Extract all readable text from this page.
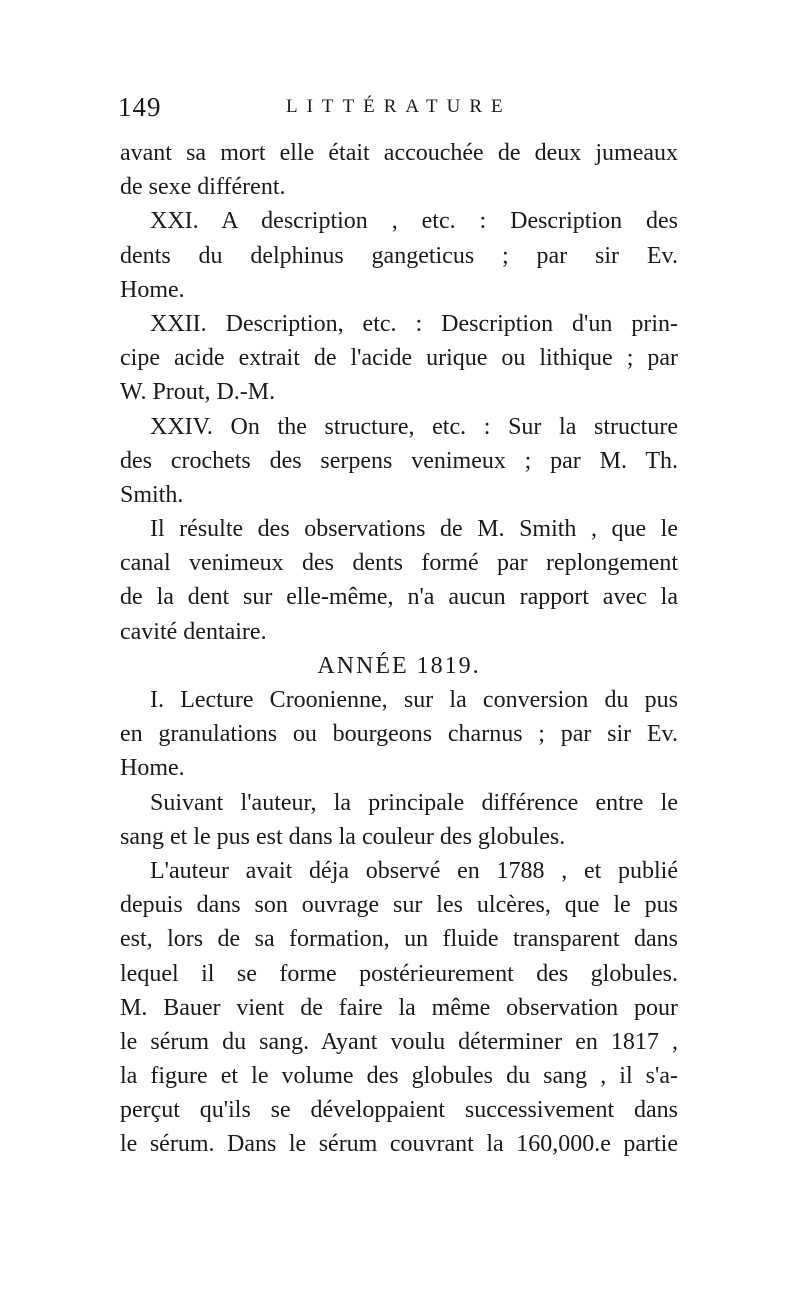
149	LITTÉRATURE
avant sa mort elle était accouchée de deux jumeaux
de sexe différent.
XXI. A description , etc. : Description des
dents du delphinus gangeticus ; par sir Ev.
Home.
XXII. Description, etc. : Description d'un prin-
cipe acide extrait de l'acide urique ou lithique ; par
W. Prout, D.-M.
XXIV. On the structure, etc. : Sur la structure
des crochets des serpens venimeux ; par M. Th.
Smith.
Il résulte des observations de M. Smith , que le
canal venimeux des dents formé par replongement
de la dent sur elle-même, n'a aucun rapport avec la
cavité dentaire.
ANNÉE 1819.
I. Lecture Croonienne, sur la conversion du pus
en granulations ou bourgeons charnus ; par sir Ev.
Home.
Suivant l'auteur, la principale différence entre le
sang et le pus est dans la couleur des globules.
L'auteur avait déja observé en 1788 , et publié
depuis dans son ouvrage sur les ulcères, que le pus
est, lors de sa formation, un fluide transparent dans
lequel il se forme postérieurement des globules.
M. Bauer vient de faire la même observation pour
le sérum du sang. Ayant voulu déterminer en 1817 ,
la figure et le volume des globules du sang , il s'a-
perçut qu'ils se développaient successivement dans
le sérum. Dans le sérum couvrant la 160,000.e partie
